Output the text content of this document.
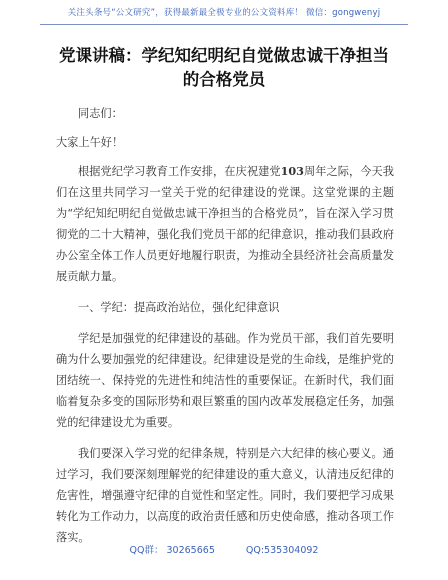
关注头条号“公文研究”，获得最新最全极专业的公文资料库！ 微信：gongwenyj
党课讲稿：学纪知纪明纪自觉做忠诚干净担当
的合格党员

同志们：

大家上午好！

根据党纪学习教育工作安排，在庆祝建党103周年之际，今天我们在这里共同学习一堂关于党的纪律建设的党课。这堂党课的主题为“学纪知纪明纪自觉做忠诚干净担当的合格党员”，旨在深入学习贯彻党的二十大精神，强化我们党员干部的纪律意识，推动我们县政府办公室全体工作人员更好地履行职责，为推动全县经济社会高质量发展贡献力量。

一、学纪：提高政治站位，强化纪律意识

学纪是加强党的纪律建设的基础。作为党员干部，我们首先要明确为什么要加强党的纪律建设。纪律建设是党的生命线，是维护党的团结统一、保持党的先进性和纯洁性的重要保证。在新时代，我们面临着复杂多变的国际形势和艰巨繁重的国内改革发展稳定任务，加强党的纪律建设尤为重要。

我们要深入学习党的纪律条规，特别是六大纪律的核心要义。通过学习，我们要深刻理解党的纪律建设的重大意义，认清违反纪律的危害性，增强遵守纪律的自觉性和坚定性。同时，我们要把学习成果转化为工作动力，以高度的政治责任感和历史使命感，推动各项工作落实。

QQ群： 30265665	QQ:535304092
